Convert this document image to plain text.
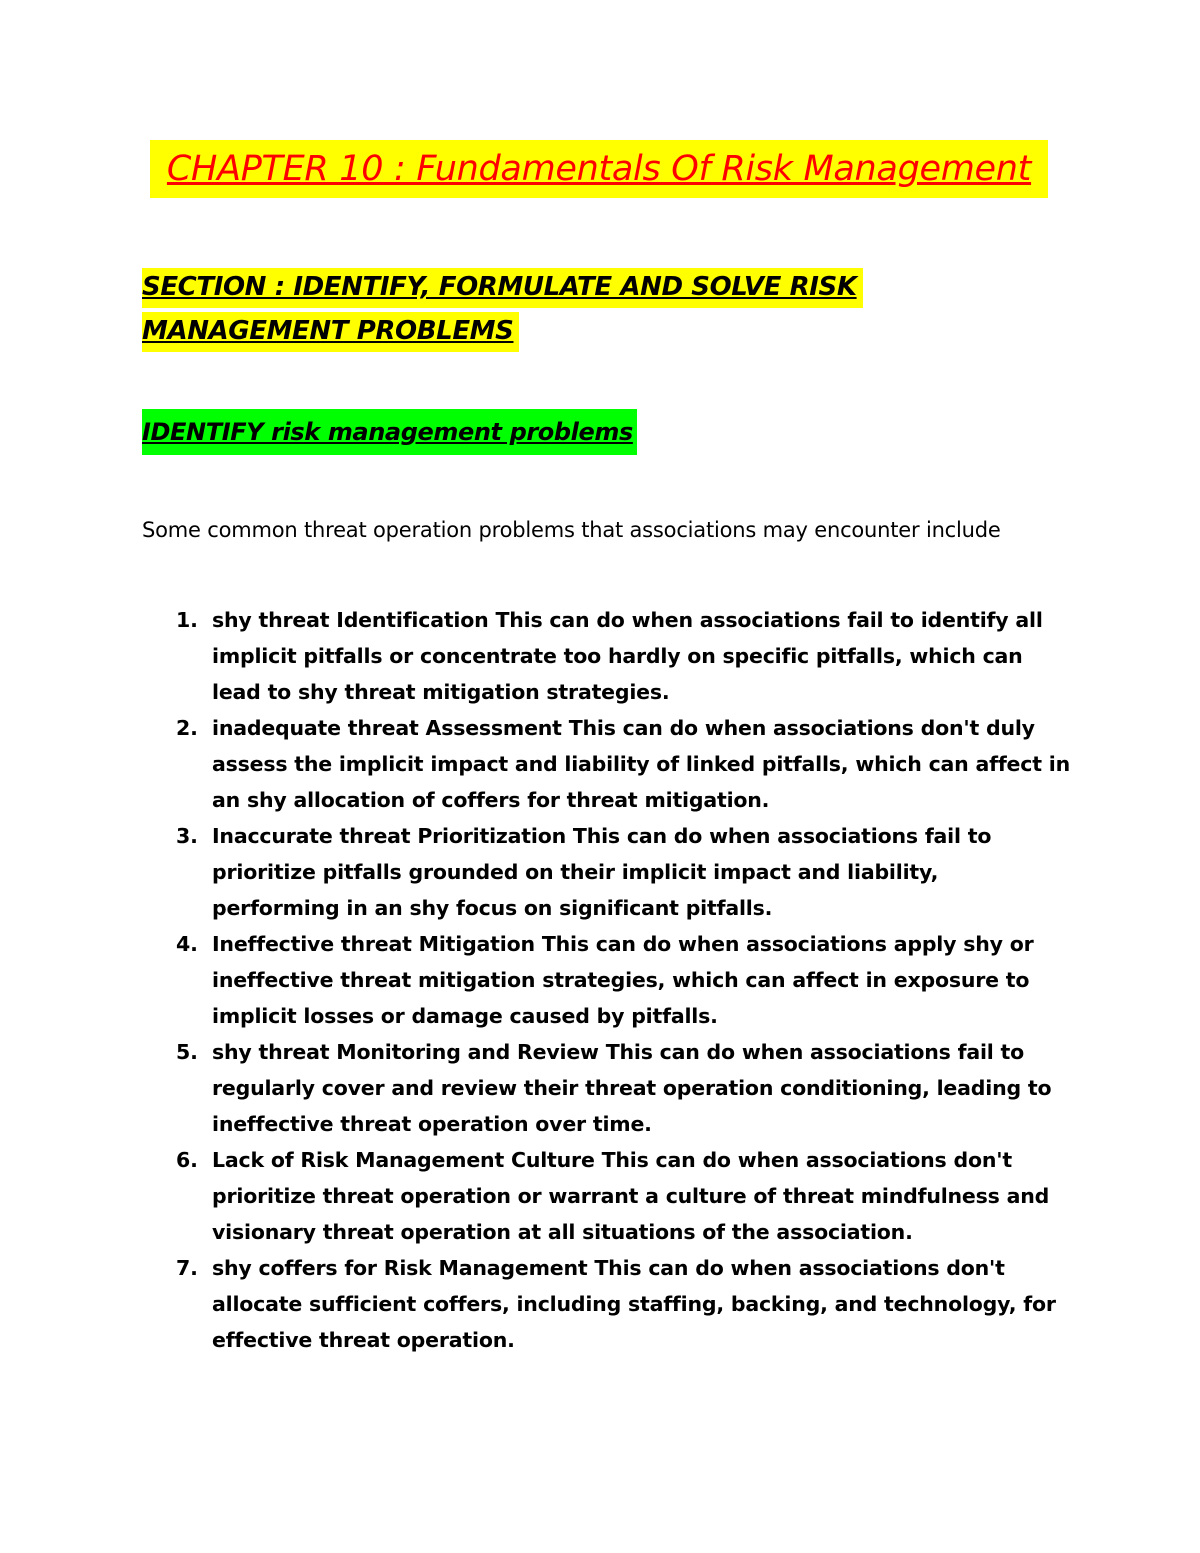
CHAPTER 10 : Fundamentals Of Risk Management
SECTION : IDENTIFY, FORMULATE AND SOLVE RISK MANAGEMENT PROBLEMS
IDENTIFY risk management problems
Some common threat operation problems that associations may encounter include
1. shy threat Identification This can do when associations fail to identify all implicit pitfalls or concentrate too hardly on specific pitfalls, which can lead to shy threat mitigation strategies.
2. inadequate threat Assessment This can do when associations don't duly assess the implicit impact and liability of linked pitfalls, which can affect in an shy allocation of coffers for threat mitigation.
3. Inaccurate threat Prioritization This can do when associations fail to prioritize pitfalls grounded on their implicit impact and liability, performing in an shy focus on significant pitfalls.
4. Ineffective threat Mitigation This can do when associations apply shy or ineffective threat mitigation strategies, which can affect in exposure to implicit losses or damage caused by pitfalls.
5. shy threat Monitoring and Review This can do when associations fail to regularly cover and review their threat operation conditioning, leading to ineffective threat operation over time.
6. Lack of Risk Management Culture This can do when associations don't prioritize threat operation or warrant a culture of threat mindfulness and visionary threat operation at all situations of the association.
7. shy coffers for Risk Management This can do when associations don't allocate sufficient coffers, including staffing, backing, and technology, for effective threat operation.
